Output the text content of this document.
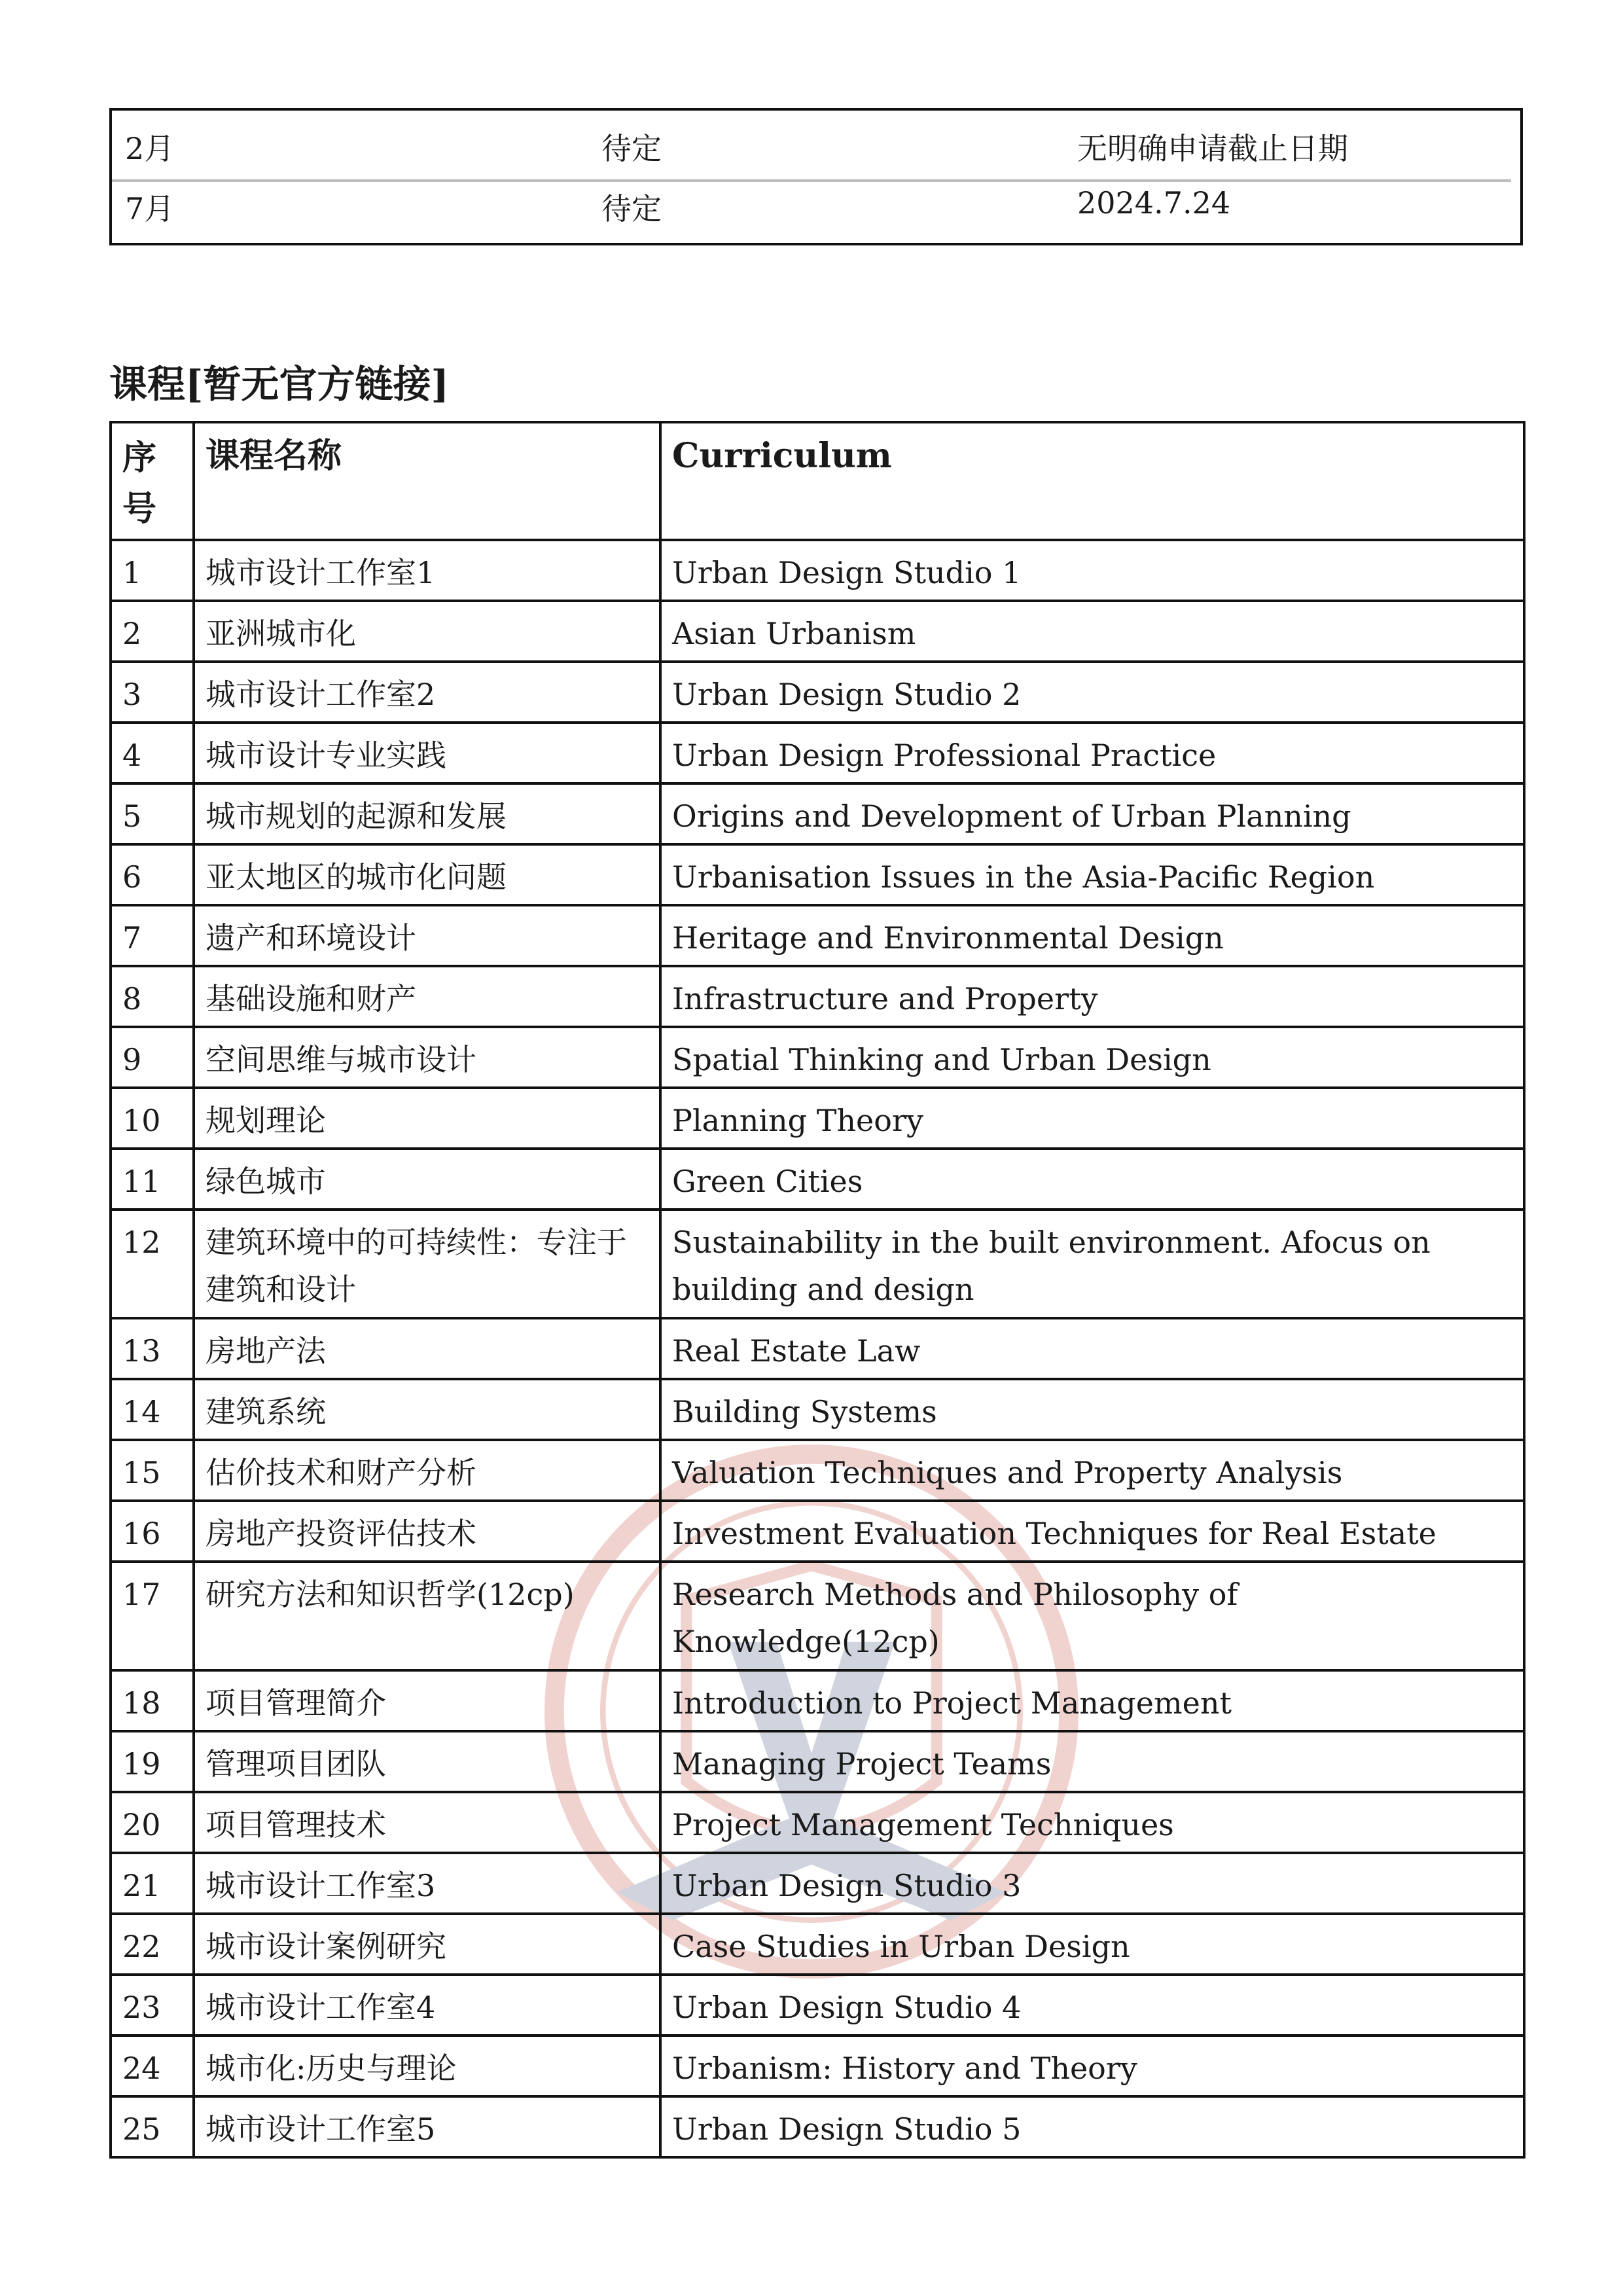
2月	待定	无明确申请截止日期
7月	待定	2024.7.24
课程[暂无官方链接]
序号	课程名称	Curriculum
1	城市设计工作室1	Urban Design Studio 1
2	亚洲城市化	Asian Urbanism
3	城市设计工作室2	Urban Design Studio 2
4	城市设计专业实践	Urban Design Professional Practice
5	城市规划的起源和发展	Origins and Development of Urban Planning
6	亚太地区的城市化问题	Urbanisation Issues in the Asia-Pacific Region
7	遗产和环境设计	Heritage and Environmental Design
8	基础设施和财产	Infrastructure and Property
9	空间思维与城市设计	Spatial Thinking and Urban Design
10	规划理论	Planning Theory
11	绿色城市	Green Cities
12	建筑环境中的可持续性：专注于建筑和设计	Sustainability in the built environment. Afocus on building and design
13	房地产法	Real Estate Law
14	建筑系统	Building Systems
15	估价技术和财产分析	Valuation Techniques and Property Analysis
16	房地产投资评估技术	Investment Evaluation Techniques for Real Estate
17	研究方法和知识哲学(12cp)	Research Methods and Philosophy of Knowledge(12cp)
18	项目管理简介	Introduction to Project Management
19	管理项目团队	Managing Project Teams
20	项目管理技术	Project Management Techniques
21	城市设计工作室3	Urban Design Studio 3
22	城市设计案例研究	Case Studies in Urban Design
23	城市设计工作室4	Urban Design Studio 4
24	城市化:历史与理论	Urbanism: History and Theory
25	城市设计工作室5	Urban Design Studio 5
